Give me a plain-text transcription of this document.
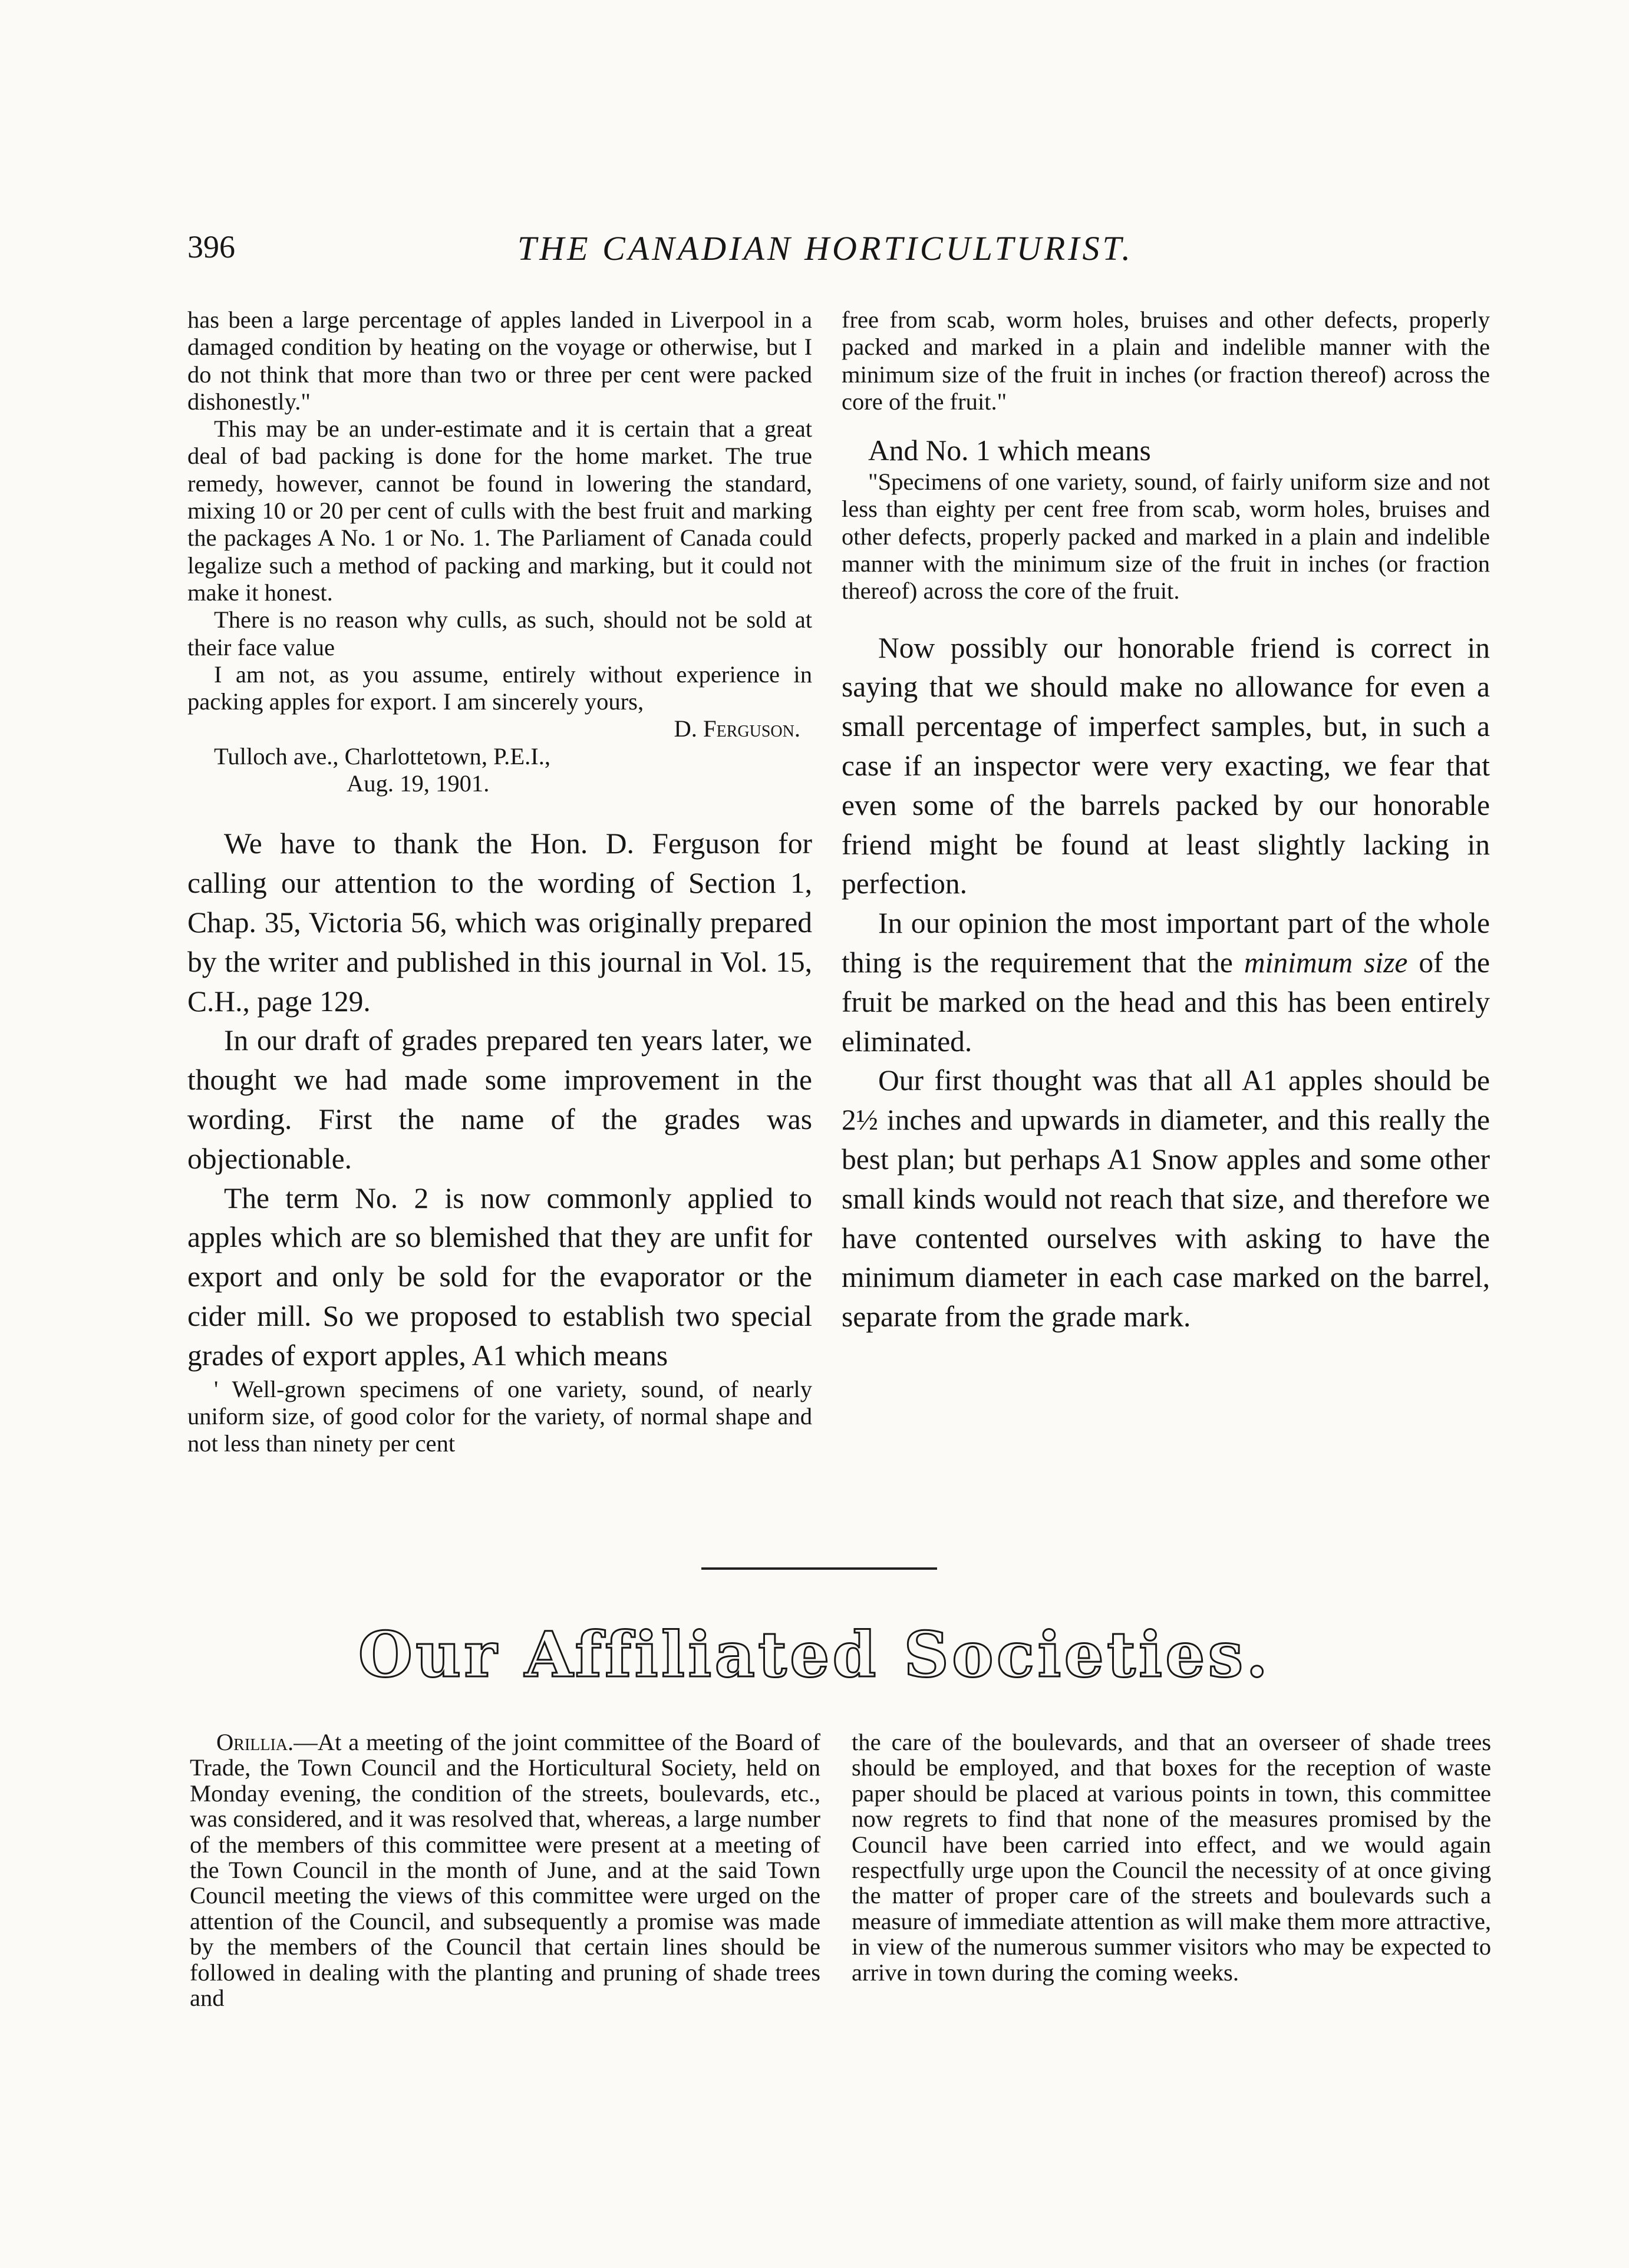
396	THE CANADIAN HORTICULTURIST.

has been a large percentage of apples landed in Liverpool in a damaged condition by heating on the voyage or otherwise, but I do not think that more than two or three per cent were packed dishonestly."

This may be an under-estimate and it is certain that a great deal of bad packing is done for the home market. The true remedy, however, cannot be found in lowering the standard, mixing 10 or 20 per cent of culls with the best fruit and marking the packages A No. 1 or No. 1. The Parliament of Canada could legalize such a method of packing and marking, but it could not make it honest.

There is no reason why culls, as such, should not be sold at their face value

I am not, as you assume, entirely without experience in packing apples for export. I am sincerely yours,

D. Ferguson.

Tulloch ave., Charlottetown, P.E.I.,

Aug. 19, 1901.

We have to thank the Hon. D. Ferguson for calling our attention to the wording of Section 1, Chap. 35, Victoria 56, which was originally prepared by the writer and published in this journal in Vol. 15, C.H., page 129.

In our draft of grades prepared ten years later, we thought we had made some improvement in the wording. First the name of the grades was objectionable.

The term No. 2 is now commonly applied to apples which are so blemished that they are unfit for export and only be sold for the evaporator or the cider mill. So we proposed to establish two special grades of export apples, A1 which means

' Well-grown specimens of one variety, sound, of nearly uniform size, of good color for the variety, of normal shape and not less than ninety per cent

free from scab, worm holes, bruises and other defects, properly packed and marked in a plain and indelible manner with the minimum size of the fruit in inches (or fraction thereof) across the core of the fruit."

And No. 1 which means

"Specimens of one variety, sound, of fairly uniform size and not less than eighty per cent free from scab, worm holes, bruises and other defects, properly packed and marked in a plain and indelible manner with the minimum size of the fruit in inches (or fraction thereof) across the core of the fruit.

Now possibly our honorable friend is correct in saying that we should make no allowance for even a small percentage of imperfect samples, but, in such a case if an inspector were very exacting, we fear that even some of the barrels packed by our honorable friend might be found at least slightly lacking in perfection.

In our opinion the most important part of the whole thing is the requirement that the minimum size of the fruit be marked on the head and this has been entirely eliminated.

Our first thought was that all A1 apples should be 2½ inches and upwards in diameter, and this really the best plan; but perhaps A1 Snow apples and some other small kinds would not reach that size, and therefore we have contented ourselves with asking to have the minimum diameter in each case marked on the barrel, separate from the grade mark.

Our Affiliated Societies.
Orillia.—At a meeting of the joint committee of the Board of Trade, the Town Council and the Horticultural Society, held on Monday evening, the condition of the streets, boulevards, etc., was considered, and it was resolved that, whereas, a large number of the members of this committee were present at a meeting of the Town Council in the month of June, and at the said Town Council meeting the views of this committee were urged on the attention of the Council, and subsequently a promise was made by the members of the Council that certain lines should be followed in dealing with the planting and pruning of shade trees and
the care of the boulevards, and that an overseer of shade trees should be employed, and that boxes for the reception of waste paper should be placed at various points in town, this committee now regrets to find that none of the measures promised by the Council have been carried into effect, and we would again respectfully urge upon the Council the necessity of at once giving the matter of proper care of the streets and boulevards such a measure of immediate attention as will make them more attractive, in view of the numerous summer visitors who may be expected to arrive in town during the coming weeks.
